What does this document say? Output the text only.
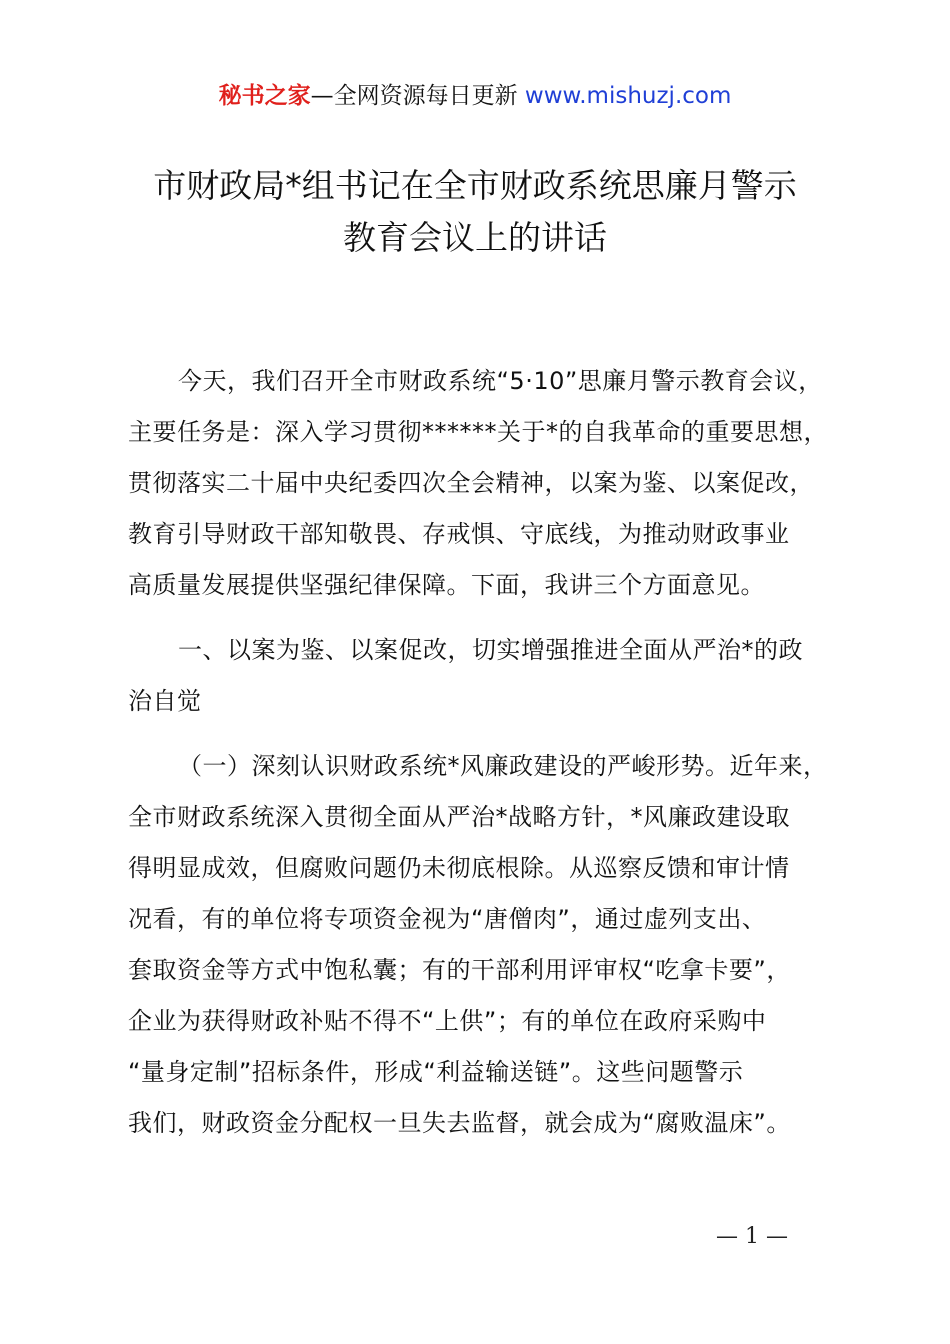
秘书之家—全网资源每日更新 www.mishuzj.com
市财政局*组书记在全市财政系统思廉月警示
教育会议上的讲话
今天，我们召开全市财政系统“5·10”思廉月警示教育会议，
主要任务是：深入学习贯彻******关于*的自我革命的重要思想，
贯彻落实二十届中央纪委四次全会精神，以案为鉴、以案促改，
教育引导财政干部知敬畏、存戒惧、守底线，为推动财政事业
高质量发展提供坚强纪律保障。下面，我讲三个方面意见。
一、以案为鉴、以案促改，切实增强推进全面从严治*的政
治自觉
（一）深刻认识财政系统*风廉政建设的严峻形势。近年来，
全市财政系统深入贯彻全面从严治*战略方针，*风廉政建设取
得明显成效，但腐败问题仍未彻底根除。从巡察反馈和审计情
况看，有的单位将专项资金视为“唐僧肉”，通过虚列支出、
套取资金等方式中饱私囊；有的干部利用评审权“吃拿卡要”，
企业为获得财政补贴不得不“上供”；有的单位在政府采购中
“量身定制”招标条件，形成“利益输送链”。这些问题警示
我们，财政资金分配权一旦失去监督，就会成为“腐败温床”。
— 1 —
